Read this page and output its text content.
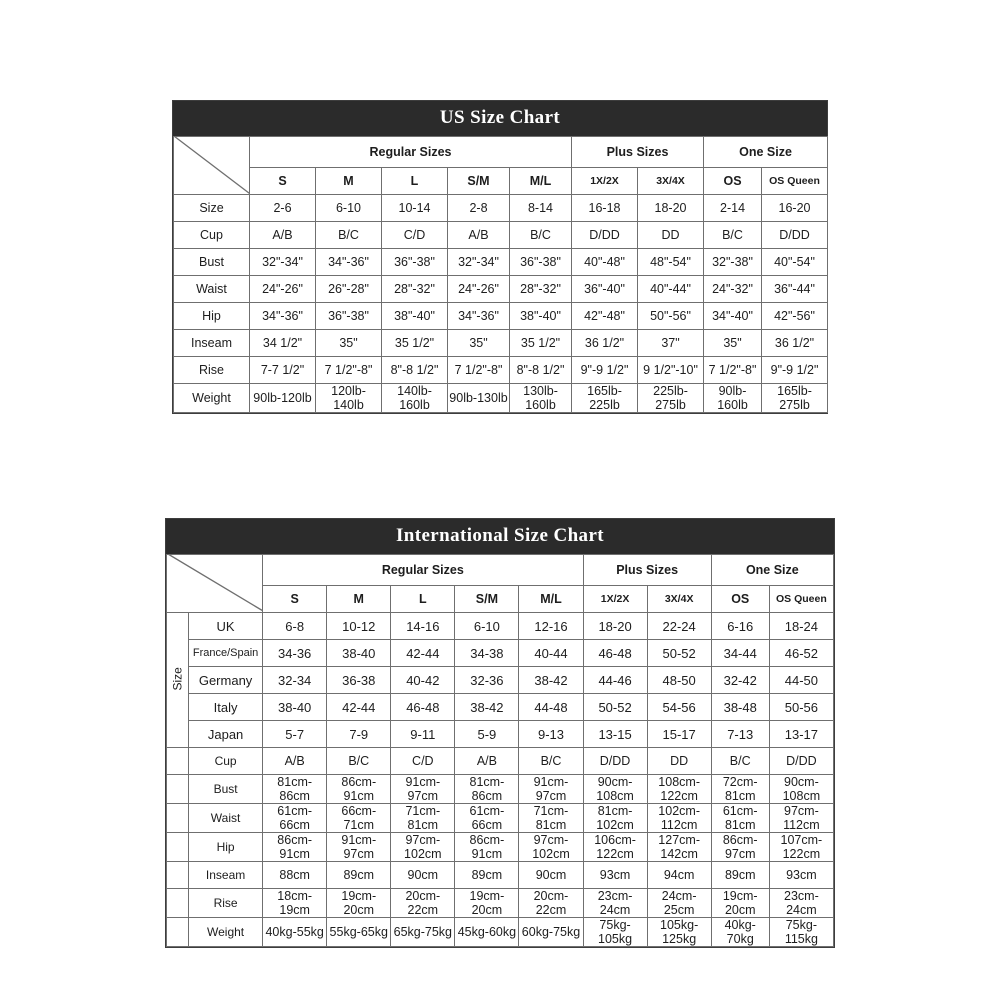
US Size Chart
	Regular Sizes					Plus Sizes		One Size	
	S	M	L	S/M	M/L	1X/2X	3X/4X	OS	OS Queen
Size	2-6	6-10	10-14	2-8	8-14	16-18	18-20	2-14	16-20
Cup	A/B	B/C	C/D	A/B	B/C	D/DD	DD	B/C	D/DD
Bust	32"-34"	34"-36"	36"-38"	32"-34"	36"-38"	40"-48"	48"-54"	32"-38"	40"-54"
Waist	24"-26"	26"-28"	28"-32"	24"-26"	28"-32"	36"-40"	40"-44"	24"-32"	36"-44"
Hip	34"-36"	36"-38"	38"-40"	34"-36"	38"-40"	42"-48"	50"-56"	34"-40"	42"-56"
Inseam	34 1/2"	35"	35 1/2"	35"	35 1/2"	36 1/2"	37"	35"	36 1/2"
Rise	7-7 1/2"	7 1/2"-8"	8"-8 1/2"	7 1/2"-8"	8"-8 1/2"	9"-9 1/2"	9 1/2"-10"	7 1/2"-8"	9"-9 1/2"
Weight	90lb-120lb	120lb-140lb	140lb-160lb	90lb-130lb	130lb-160lb	165lb-225lb	225lb-275lb	90lb-160lb	165lb-275lb
International Size Chart
	Regular Sizes					Plus Sizes		One Size	
		S	M	L	S/M	M/L	1X/2X	3X/4X	OS	OS Queen

Size	UK	6-8	10-12	14-16	6-10	12-16	18-20	22-24	6-16	18-24
	France/Spain	34-36	38-40	42-44	34-38	40-44	46-48	50-52	34-44	46-52
	Germany	32-34	36-38	40-42	32-36	38-42	44-46	48-50	32-42	44-50
	Italy	38-40	42-44	46-48	38-42	44-48	50-52	54-56	38-48	50-56
	Japan	5-7	7-9	9-11	5-9	9-13	13-15	15-17	7-13	13-17
	Cup	A/B	B/C	C/D	A/B	B/C	D/DD	DD	B/C	D/DD
	Bust	81cm-86cm	86cm-91cm	91cm-97cm	81cm-86cm	91cm-97cm	90cm-108cm	108cm-122cm	72cm-81cm	90cm-108cm
	Waist	61cm-66cm	66cm-71cm	71cm-81cm	61cm-66cm	71cm-81cm	81cm-102cm	102cm-112cm	61cm-81cm	97cm-112cm
	Hip	86cm-91cm	91cm-97cm	97cm-102cm	86cm-91cm	97cm-102cm	106cm-122cm	127cm-142cm	86cm-97cm	107cm-122cm
	Inseam	88cm	89cm	90cm	89cm	90cm	93cm	94cm	89cm	93cm
	Rise	18cm-19cm	19cm-20cm	20cm-22cm	19cm-20cm	20cm-22cm	23cm-24cm	24cm-25cm	19cm-20cm	23cm-24cm
	Weight	40kg-55kg	55kg-65kg	65kg-75kg	45kg-60kg	60kg-75kg	75kg-105kg	105kg-125kg	40kg-70kg	75kg-115kg
